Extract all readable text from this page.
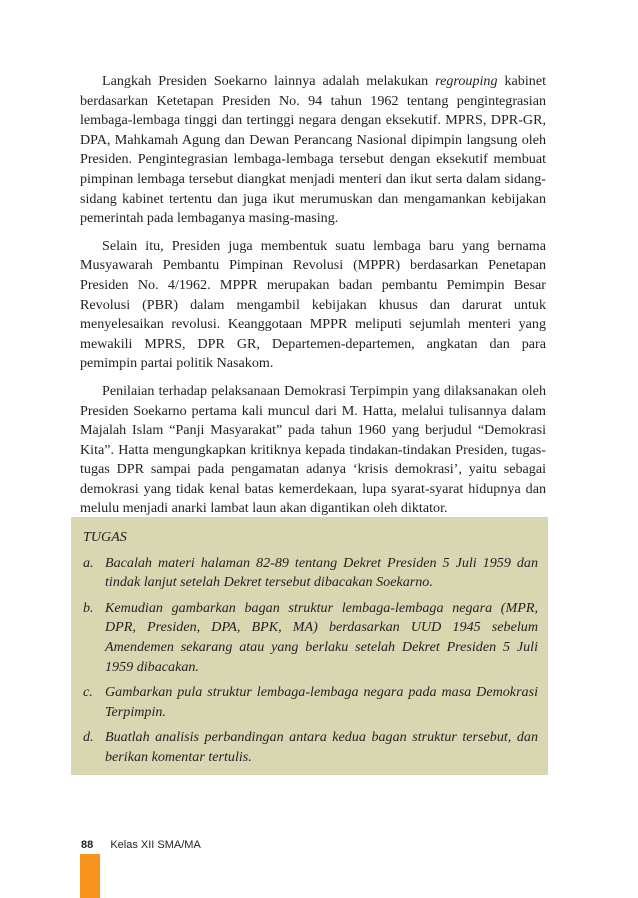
Langkah Presiden Soekarno lainnya adalah melakukan regrouping kabinet berdasarkan Ketetapan Presiden No. 94 tahun 1962 tentang pengintegrasian lembaga-lembaga tinggi dan tertinggi negara dengan eksekutif. MPRS, DPR-GR, DPA, Mahkamah Agung dan Dewan Perancang Nasional dipimpin langsung oleh Presiden. Pengintegrasian lembaga-lembaga tersebut dengan eksekutif membuat pimpinan lembaga tersebut diangkat menjadi menteri dan ikut serta dalam sidang-sidang kabinet tertentu dan juga ikut merumuskan dan mengamankan kebijakan pemerintah pada lembaganya masing-masing.

Selain itu, Presiden juga membentuk suatu lembaga baru yang bernama Musyawarah Pembantu Pimpinan Revolusi (MPPR) berdasarkan Penetapan Presiden No. 4/1962. MPPR merupakan badan pembantu Pemimpin Besar Revolusi (PBR) dalam mengambil kebijakan khusus dan darurat untuk menyelesaikan revolusi. Keanggotaan MPPR meliputi sejumlah menteri yang mewakili MPRS, DPR GR, Departemen-departemen, angkatan dan para pemimpin partai politik Nasakom.

Penilaian terhadap pelaksanaan Demokrasi Terpimpin yang dilaksanakan oleh Presiden Soekarno pertama kali muncul dari M. Hatta, melalui tulisannya dalam Majalah Islam “Panji Masyarakat” pada tahun 1960 yang berjudul “Demokrasi Kita”. Hatta mengungkapkan kritiknya kepada tindakan-tindakan Presiden, tugas-tugas DPR sampai pada pengamatan adanya ‘krisis demokrasi’, yaitu sebagai demokrasi yang tidak kenal batas kemerdekaan, lupa syarat-syarat hidupnya dan melulu menjadi anarki lambat laun akan digantikan oleh diktator.

TUGAS
a. Bacalah materi halaman 82-89 tentang Dekret Presiden 5 Juli 1959 dan tindak lanjut setelah Dekret tersebut dibacakan Soekarno.
b. Kemudian gambarkan bagan struktur lembaga-lembaga negara (MPR, DPR, Presiden, DPA, BPK, MA) berdasarkan UUD 1945 sebelum Amendemen sekarang atau yang berlaku setelah Dekret Presiden 5 Juli 1959 dibacakan.
c. Gambarkan pula struktur lembaga-lembaga negara pada masa Demokrasi Terpimpin.
d. Buatlah analisis perbandingan antara kedua bagan struktur tersebut, dan berikan komentar tertulis.
88 Kelas XII SMA/MA
